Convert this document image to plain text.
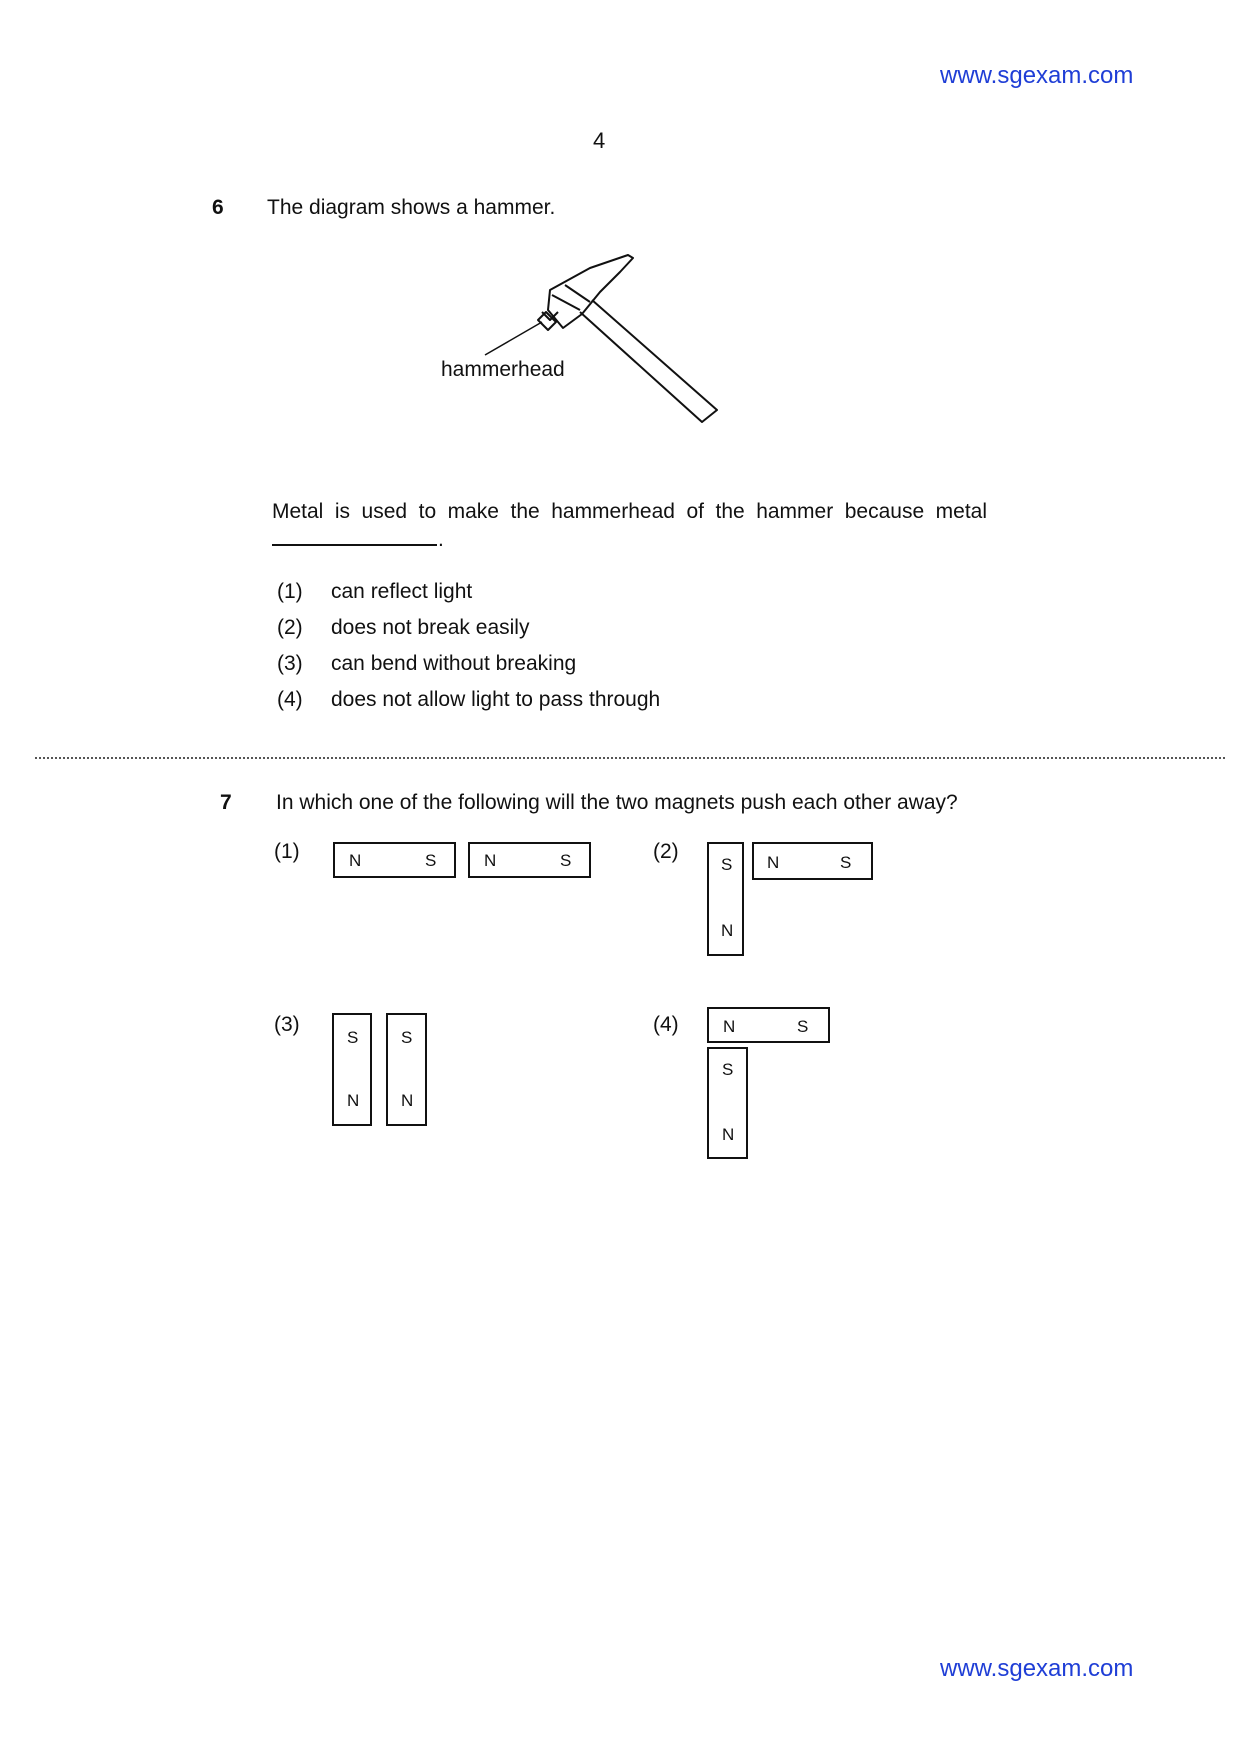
www.sgexam.com
4
6 The diagram shows a hammer.
hammerhead
Metal is used to make the hammerhead of the hammer because metal
.
(1) can reflect light
(2) does not break easily
(3) can bend without breaking
(4) does not allow light to pass through
7 In which one of the following will the two magnets push each other away?
(1)	N	S	N	S	(2)
S
N
N	S
(3)
S
N
S
N
(4)	N	S
S
N
www.sgexam.com
